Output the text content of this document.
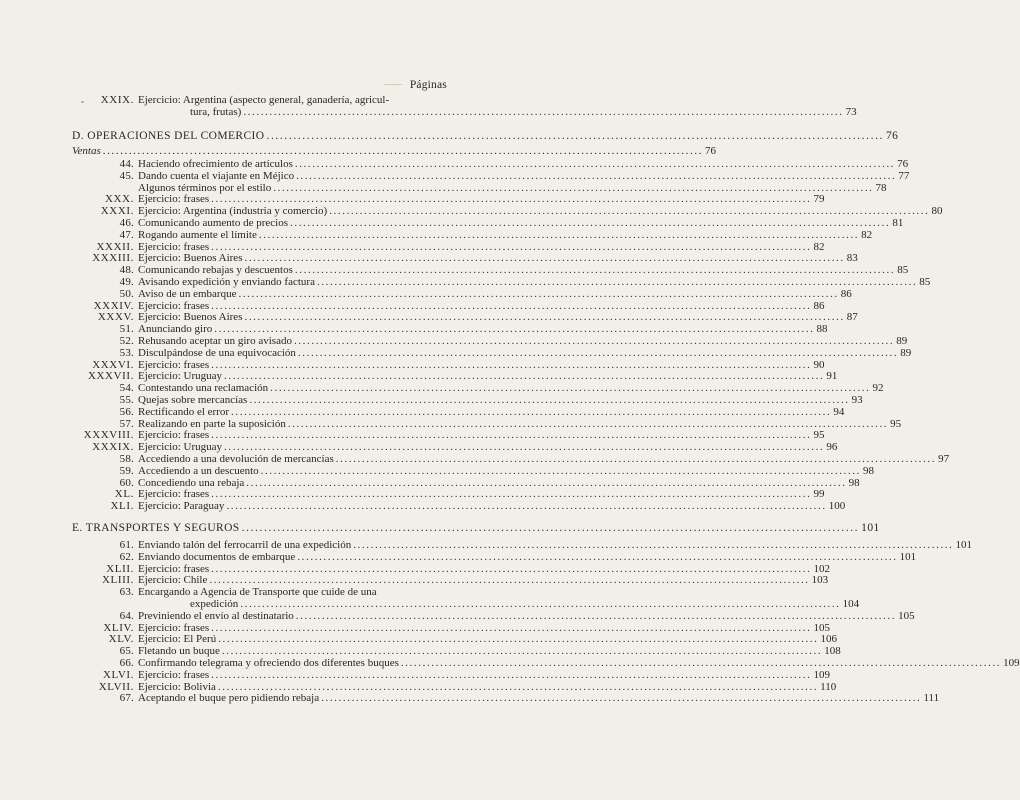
Páginas
XXIX. Ejercicio: Argentina (aspecto general, ganadería, agricul-
tura, frutas) .......................................................................................................................................... 73
D. OPERACIONES DEL COMERCIO .......................................................................................................................................... 76
Ventas .......................................................................................................................................... 76
44. Haciendo ofrecimiento de artículos .......................................................................................................................................... 76
45. Dando cuenta el viajante en Méjico .......................................................................................................................................... 77
Algunos términos por el estilo .......................................................................................................................................... 78
XXX. Ejercicio: frases .......................................................................................................................................... 79
XXXI. Ejercicio: Argentina (industria y comercio) .......................................................................................................................................... 80
46. Comunicando aumento de precios .......................................................................................................................................... 81
47. Rogando aumente el límite .......................................................................................................................................... 82
XXXII. Ejercicio: frases .......................................................................................................................................... 82
XXXIII. Ejercicio: Buenos Aires .......................................................................................................................................... 83
48. Comunicando rebajas y descuentos .......................................................................................................................................... 85
49. Avisando expedición y enviando factura .......................................................................................................................................... 85
50. Aviso de un embarque .......................................................................................................................................... 86
XXXIV. Ejercicio: frases .......................................................................................................................................... 86
XXXV. Ejercicio: Buenos Aires .......................................................................................................................................... 87
51. Anunciando giro .......................................................................................................................................... 88
52. Rehusando aceptar un giro avisado .......................................................................................................................................... 89
53. Disculpándose de una equivocación .......................................................................................................................................... 89
XXXVI. Ejercicio: frases .......................................................................................................................................... 90
XXXVII. Ejercicio: Uruguay .......................................................................................................................................... 91
54. Contestando una reclamación .......................................................................................................................................... 92
55. Quejas sobre mercancías .......................................................................................................................................... 93
56. Rectificando el error .......................................................................................................................................... 94
57. Realizando en parte la suposición .......................................................................................................................................... 95
XXXVIII. Ejercicio: frases .......................................................................................................................................... 95
XXXIX. Ejercicio: Uruguay .......................................................................................................................................... 96
58. Accediendo a una devolución de mercancías .......................................................................................................................................... 97
59. Accediendo a un descuento .......................................................................................................................................... 98
60. Concediendo una rebaja .......................................................................................................................................... 98
XL. Ejercicio: frases .......................................................................................................................................... 99
XLI. Ejercicio: Paraguay .......................................................................................................................................... 100
E. TRANSPORTES Y SEGUROS .......................................................................................................................................... 101
61. Enviando talón del ferrocarril de una expedición .......................................................................................................................................... 101
62. Enviando documentos de embarque .......................................................................................................................................... 101
XLII. Ejercicio: frases .......................................................................................................................................... 102
XLIII. Ejercicio: Chile .......................................................................................................................................... 103
63. Encargando a Agencia de Transporte que cuide de una
expedición .......................................................................................................................................... 104
64. Previniendo el envío al destinatario .......................................................................................................................................... 105
XLIV. Ejercicio: frases .......................................................................................................................................... 105
XLV. Ejercicio: El Perú .......................................................................................................................................... 106
65. Fletando un buque .......................................................................................................................................... 108
66. Confirmando telegrama y ofreciendo dos diferentes buques .......................................................................................................................................... 109
XLVI. Ejercicio: frases .......................................................................................................................................... 109
XLVII. Ejercicio: Bolivia .......................................................................................................................................... 110
67. Aceptando el buque pero pidiendo rebaja .......................................................................................................................................... 111
